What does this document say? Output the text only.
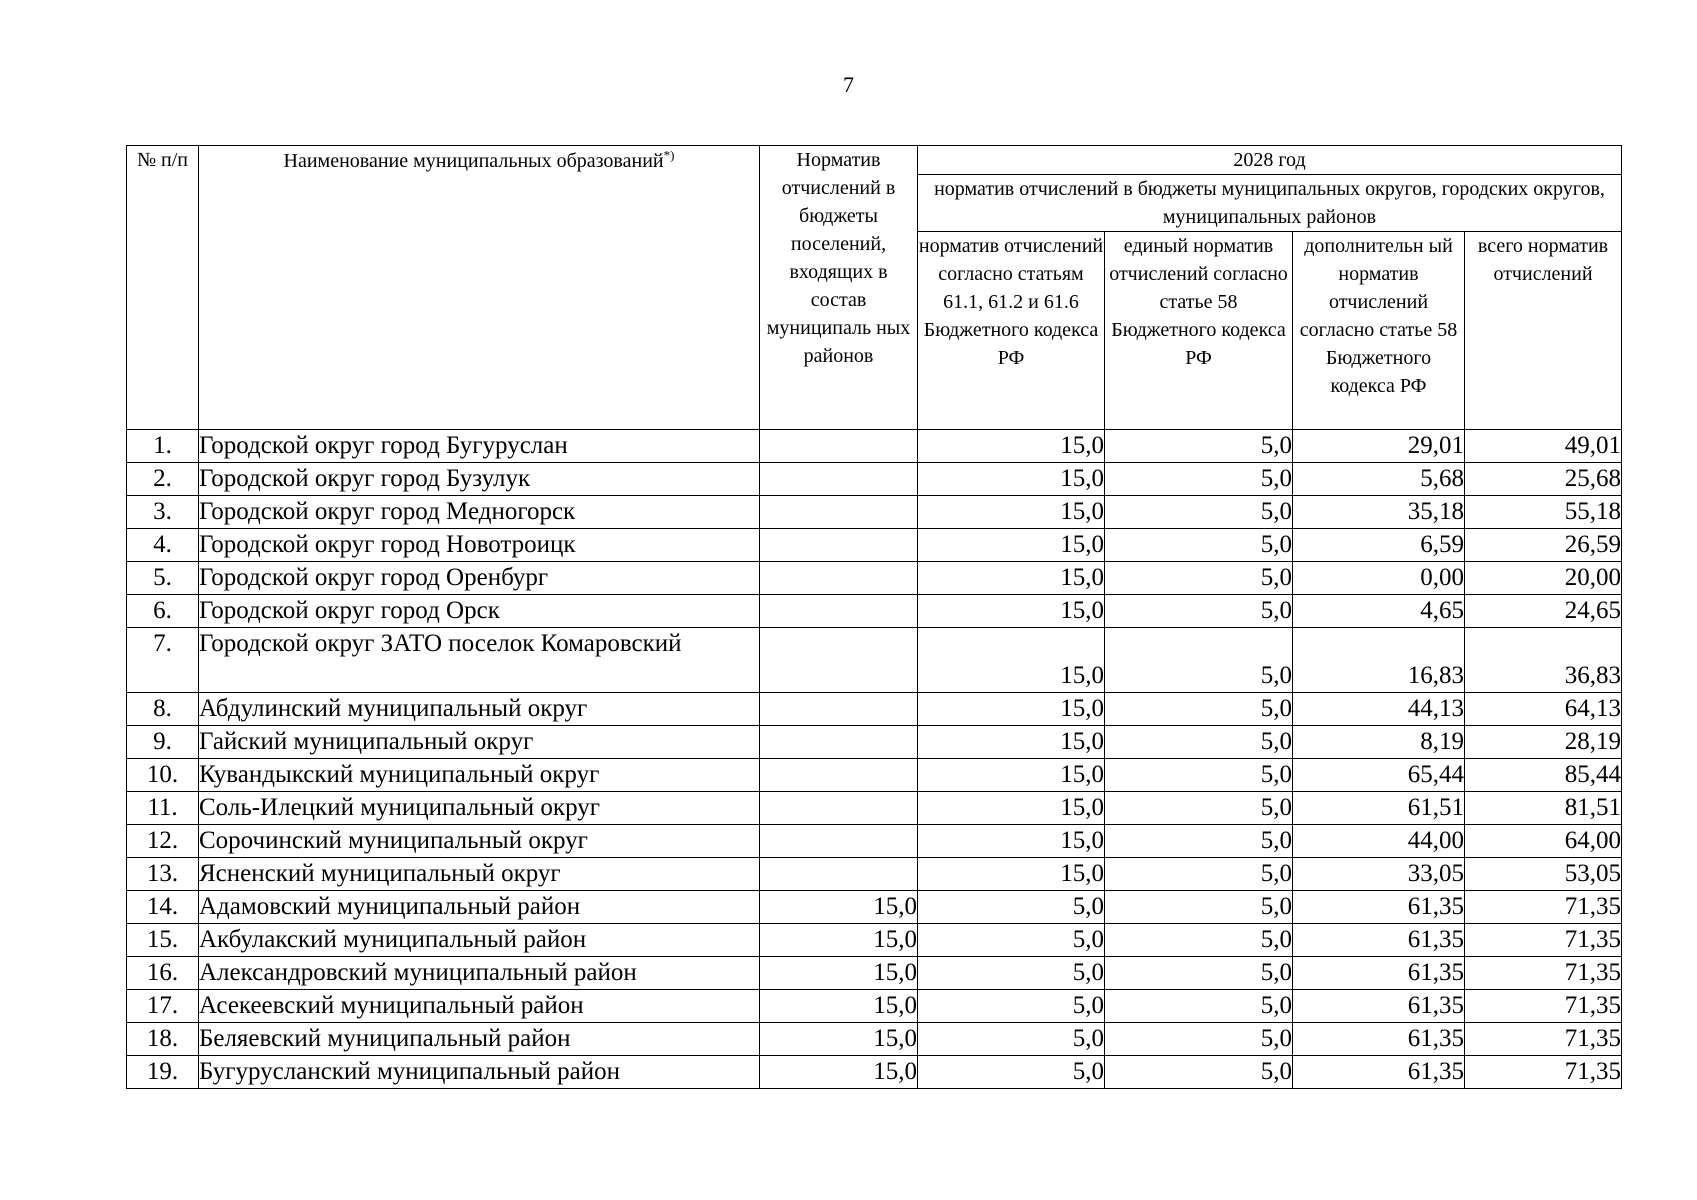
7
№ п/п	Наименование муниципальных образований*)	Норматив отчислений в бюджеты поселений, входящих в состав муниципаль ных районов	2028 год			
			норматив отчислений в бюджеты муниципальных округов, городских округов, муниципальных районов			
			норматив отчислений согласно статьям 61.1, 61.2 и 61.6 Бюджетного кодекса РФ	единый норматив отчислений согласно статье 58 Бюджетного кодекса РФ	дополнительн ый норматив отчислений согласно статье 58 Бюджетного кодекса РФ	всего норматив отчислений
1.	Городской округ город Бугуруслан		15,0	5,0	29,01	49,01
2.	Городской округ город Бузулук		15,0	5,0	5,68	25,68
3.	Городской округ город Медногорск		15,0	5,0	35,18	55,18
4.	Городской округ город Новотроицк		15,0	5,0	6,59	26,59
5.	Городской округ город Оренбург		15,0	5,0	0,00	20,00
6.	Городской округ город Орск		15,0	5,0	4,65	24,65
7.	Городской округ ЗАТО поселок Комаровский		15,0	5,0	16,83	36,83
8.	Абдулинский муниципальный округ		15,0	5,0	44,13	64,13
9.	Гайский муниципальный округ		15,0	5,0	8,19	28,19
10.	Кувандыкский муниципальный округ		15,0	5,0	65,44	85,44
11.	Соль-Илецкий муниципальный округ		15,0	5,0	61,51	81,51
12.	Сорочинский муниципальный округ		15,0	5,0	44,00	64,00
13.	Ясненский муниципальный округ		15,0	5,0	33,05	53,05
14.	Адамовский муниципальный район	15,0	5,0	5,0	61,35	71,35
15.	Акбулакский муниципальный район	15,0	5,0	5,0	61,35	71,35
16.	Александровский муниципальный район	15,0	5,0	5,0	61,35	71,35
17.	Асекеевский муниципальный район	15,0	5,0	5,0	61,35	71,35
18.	Беляевский муниципальный район	15,0	5,0	5,0	61,35	71,35
19.	Бугурусланский муниципальный район	15,0	5,0	5,0	61,35	71,35
